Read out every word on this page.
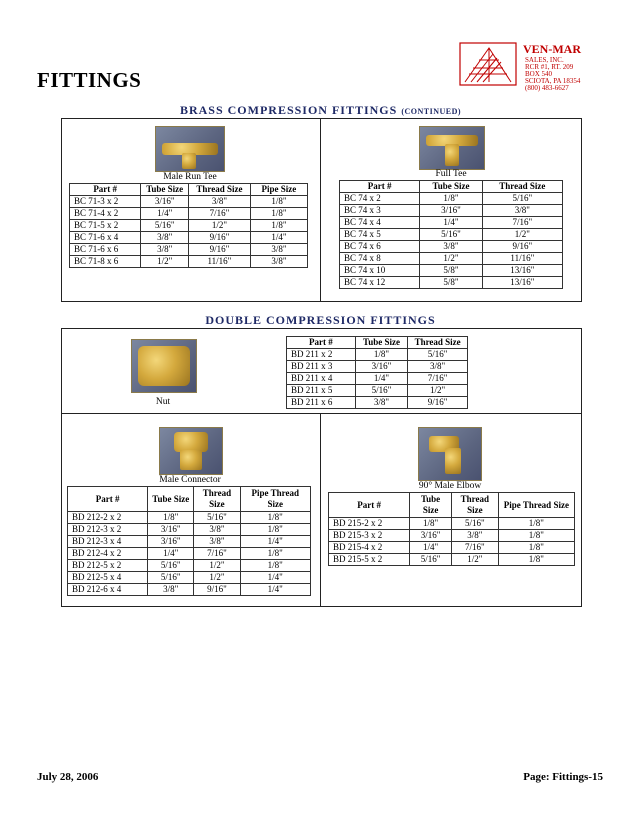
FITTINGS
VEN-MAR
SALES, INC.
RCR #1, RT. 209
BOX 540
SCIOTA, PA 18354
(800) 483-6627
BRASS COMPRESSION FITTINGS (CONTINUED)
Male Run Tee
Part #	Tube Size	Thread Size	Pipe Size
BC 71-3 x 2	3/16"	3/8"	1/8"
BC 71-4 x 2	1/4"	7/16"	1/8"
BC 71-5 x 2	5/16"	1/2"	1/8"
BC 71-6 x 4	3/8"	9/16"	1/4"
BC 71-6 x 6	3/8"	9/16"	3/8"
BC 71-8 x 6	1/2"	11/16"	3/8"
Full Tee
Part #	Tube Size	Thread Size
BC 74 x 2	1/8"	5/16"
BC 74 x 3	3/16"	3/8"
BC 74 x 4	1/4"	7/16"
BC 74 x 5	5/16"	1/2"
BC 74 x 6	3/8"	9/16"
BC 74 x 8	1/2"	11/16"
BC 74 x 10	5/8"	13/16"
BC 74 x 12	5/8"	13/16"
DOUBLE COMPRESSION FITTINGS
Nut
Part #	Tube Size	Thread Size
BD 211 x 2	1/8"	5/16"
BD 211 x 3	3/16"	3/8"
BD 211 x 4	1/4"	7/16"
BD 211 x 5	5/16"	1/2"
BD 211 x 6	3/8"	9/16"
Male Connector
Part #	Tube Size	Thread Size	Pipe Thread Size
BD 212-2 x 2	1/8"	5/16"	1/8"
BD 212-3 x 2	3/16"	3/8"	1/8"
BD 212-3 x 4	3/16"	3/8"	1/4"
BD 212-4 x 2	1/4"	7/16"	1/8"
BD 212-5 x 2	5/16"	1/2"	1/8"
BD 212-5 x 4	5/16"	1/2"	1/4"
BD 212-6 x 4	3/8"	9/16"	1/4"
90° Male Elbow
Part #	Tube Size	Thread Size	Pipe Thread Size
BD 215-2 x 2	1/8"	5/16"	1/8"
BD 215-3 x 2	3/16"	3/8"	1/8"
BD 215-4 x 2	1/4"	7/16"	1/8"
BD 215-5 x 2	5/16"	1/2"	1/8"
July 28, 2006	Page: Fittings-15
